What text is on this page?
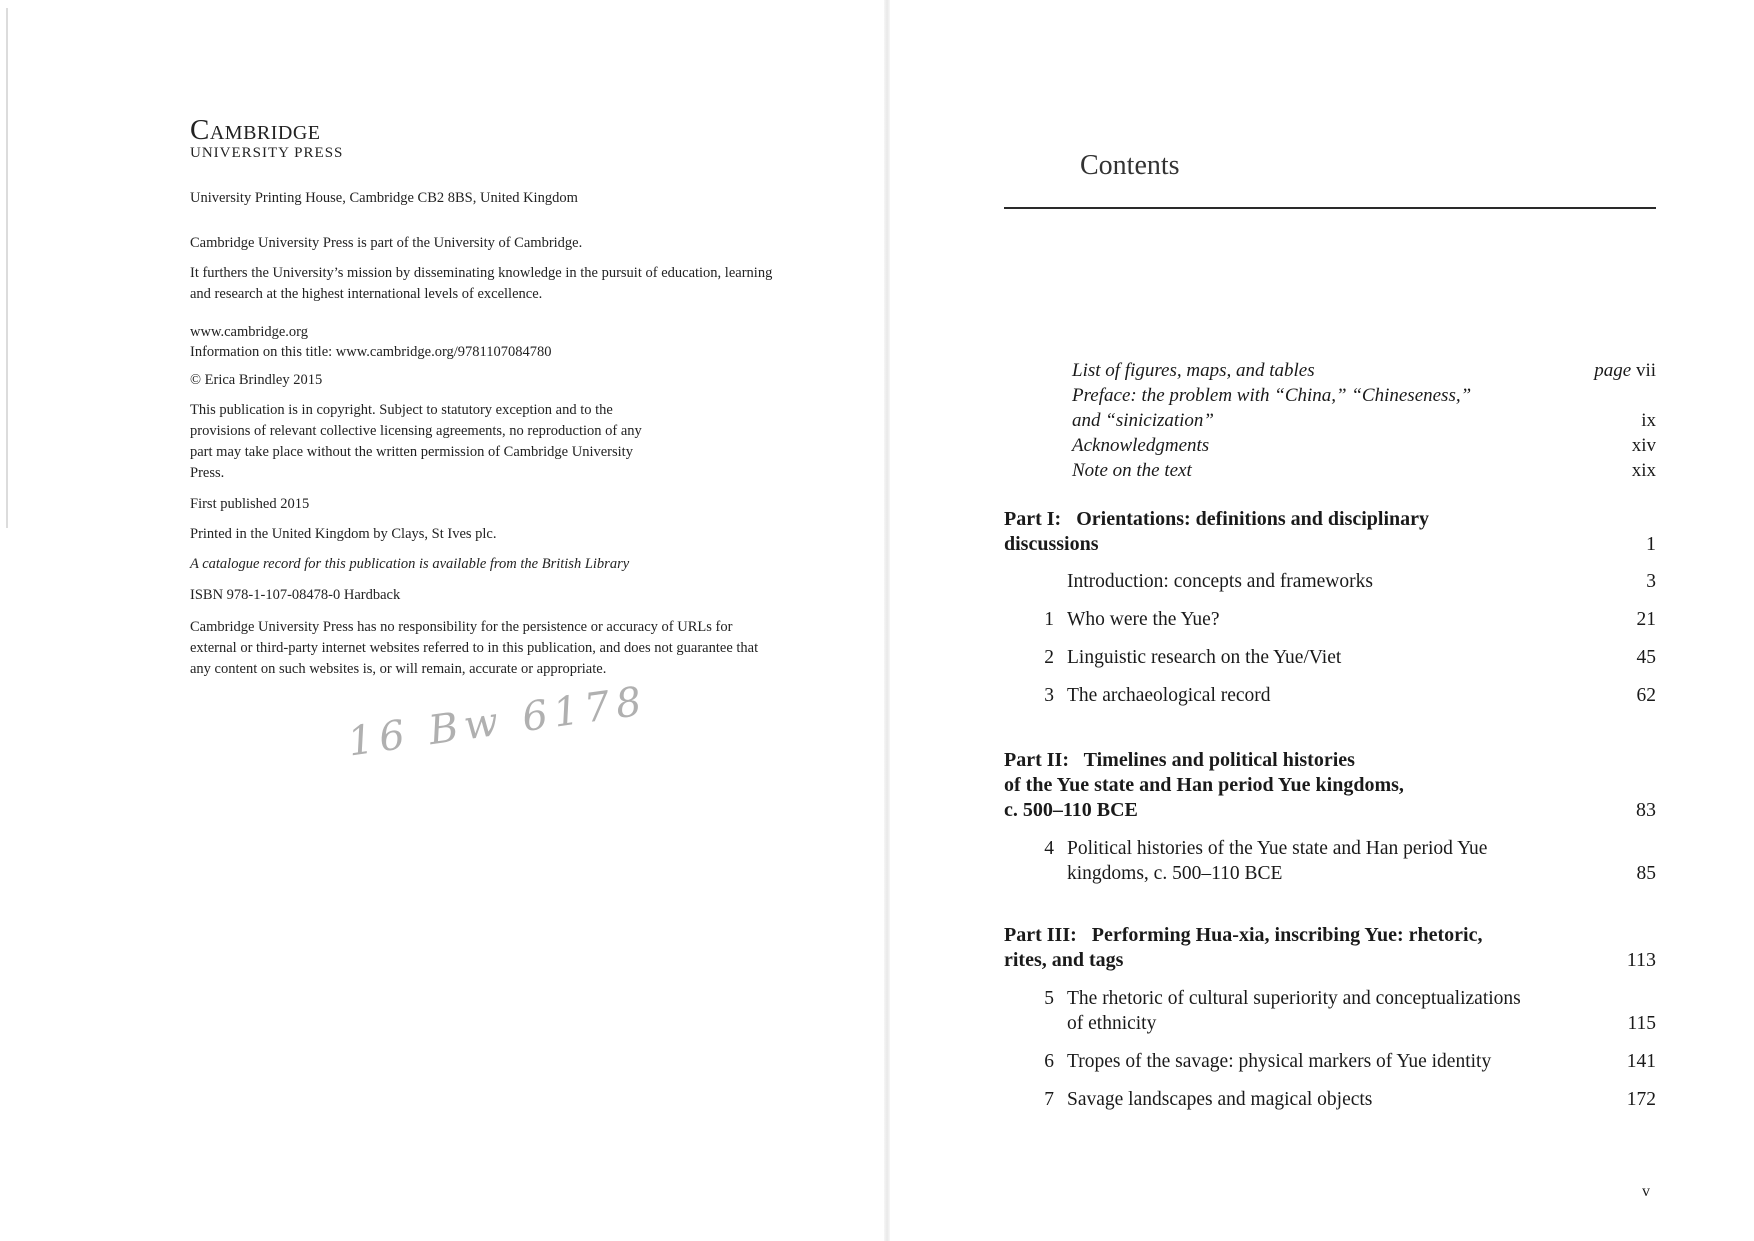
Cambridge
UNIVERSITY PRESS

University Printing House, Cambridge CB2 8BS, United Kingdom

Cambridge University Press is part of the University of Cambridge.

It furthers the University’s mission by disseminating knowledge in the pursuit of education, learning and research at the highest international levels of excellence.

www.cambridge.org

Information on this title: www.cambridge.org/9781107084780

© Erica Brindley 2015

This publication is in copyright. Subject to statutory exception and to the provisions of relevant collective licensing agreements, no reproduction of any part may take place without the written permission of Cambridge University Press.

First published 2015

Printed in the United Kingdom by Clays, St Ives plc.

A catalogue record for this publication is available from the British Library

ISBN 978-1-107-08478-0 Hardback

Cambridge University Press has no responsibility for the persistence or accuracy of URLs for external or third-party internet websites referred to in this publication, and does not guarantee that any content on such websites is, or will remain, accurate or appropriate.

16 Bw 6178
Contents
List of figures, maps, and tables	page vii
Preface: the problem with “China,” “Chineseness,”
and “sinicization”	ix
Acknowledgments	xiv
Note on the text	xix
Part I:   Orientations: definitions and disciplinary
discussions	1
Introduction: concepts and frameworks	3
1 Who were the Yue?	21
2 Linguistic research on the Yue/Viet	45
3 The archaeological record	62
Part II:   Timelines and political histories
of the Yue state and Han period Yue kingdoms,
c. 500–110 BCE	83
4 Political histories of the Yue state and Han period Yue
kingdoms, c. 500–110 BCE	85
Part III:   Performing Hua-xia, inscribing Yue: rhetoric,
rites, and tags	113
5 The rhetoric of cultural superiority and conceptualizations
of ethnicity	115
6 Tropes of the savage: physical markers of Yue identity	141
7 Savage landscapes and magical objects	172
v
